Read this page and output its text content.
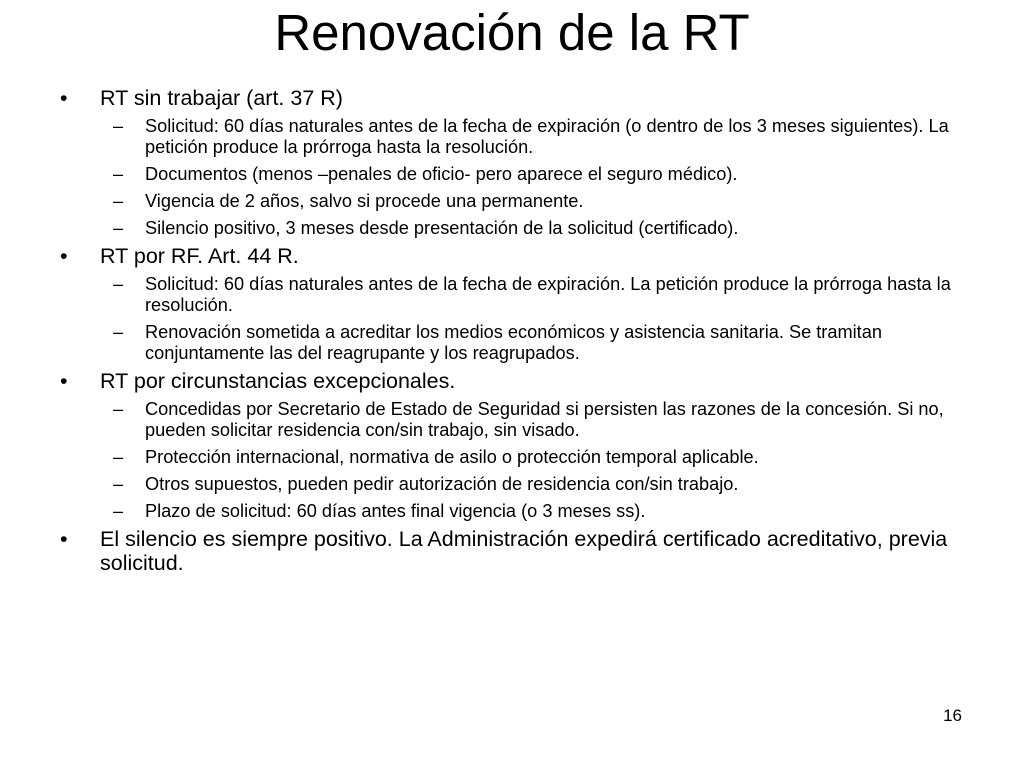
Renovación de la RT
•	RT sin trabajar (art. 37 R)
– Solicitud: 60 días naturales antes de la fecha de expiración (o dentro de los 3 meses siguientes). La petición produce la prórroga hasta la resolución.
– Documentos (menos –penales de oficio- pero aparece el seguro médico).
– Vigencia de 2 años, salvo si procede una permanente.
– Silencio positivo, 3 meses desde presentación de la solicitud (certificado).
•	RT por RF. Art. 44 R.
– Solicitud: 60 días naturales antes de la fecha de expiración. La petición produce la prórroga hasta la resolución.
– Renovación sometida a acreditar los medios económicos y asistencia sanitaria. Se tramitan conjuntamente las del reagrupante y los reagrupados.
•	RT por circunstancias excepcionales.
– Concedidas por Secretario de Estado de Seguridad si persisten las razones de la concesión. Si no, pueden solicitar residencia con/sin trabajo, sin visado.
– Protección internacional, normativa de asilo o protección temporal aplicable.
– Otros supuestos, pueden pedir autorización de residencia con/sin trabajo.
– Plazo de solicitud: 60 días antes final vigencia (o 3 meses ss).
•	El silencio es siempre positivo. La Administración expedirá certificado acreditativo, previa solicitud.
16
